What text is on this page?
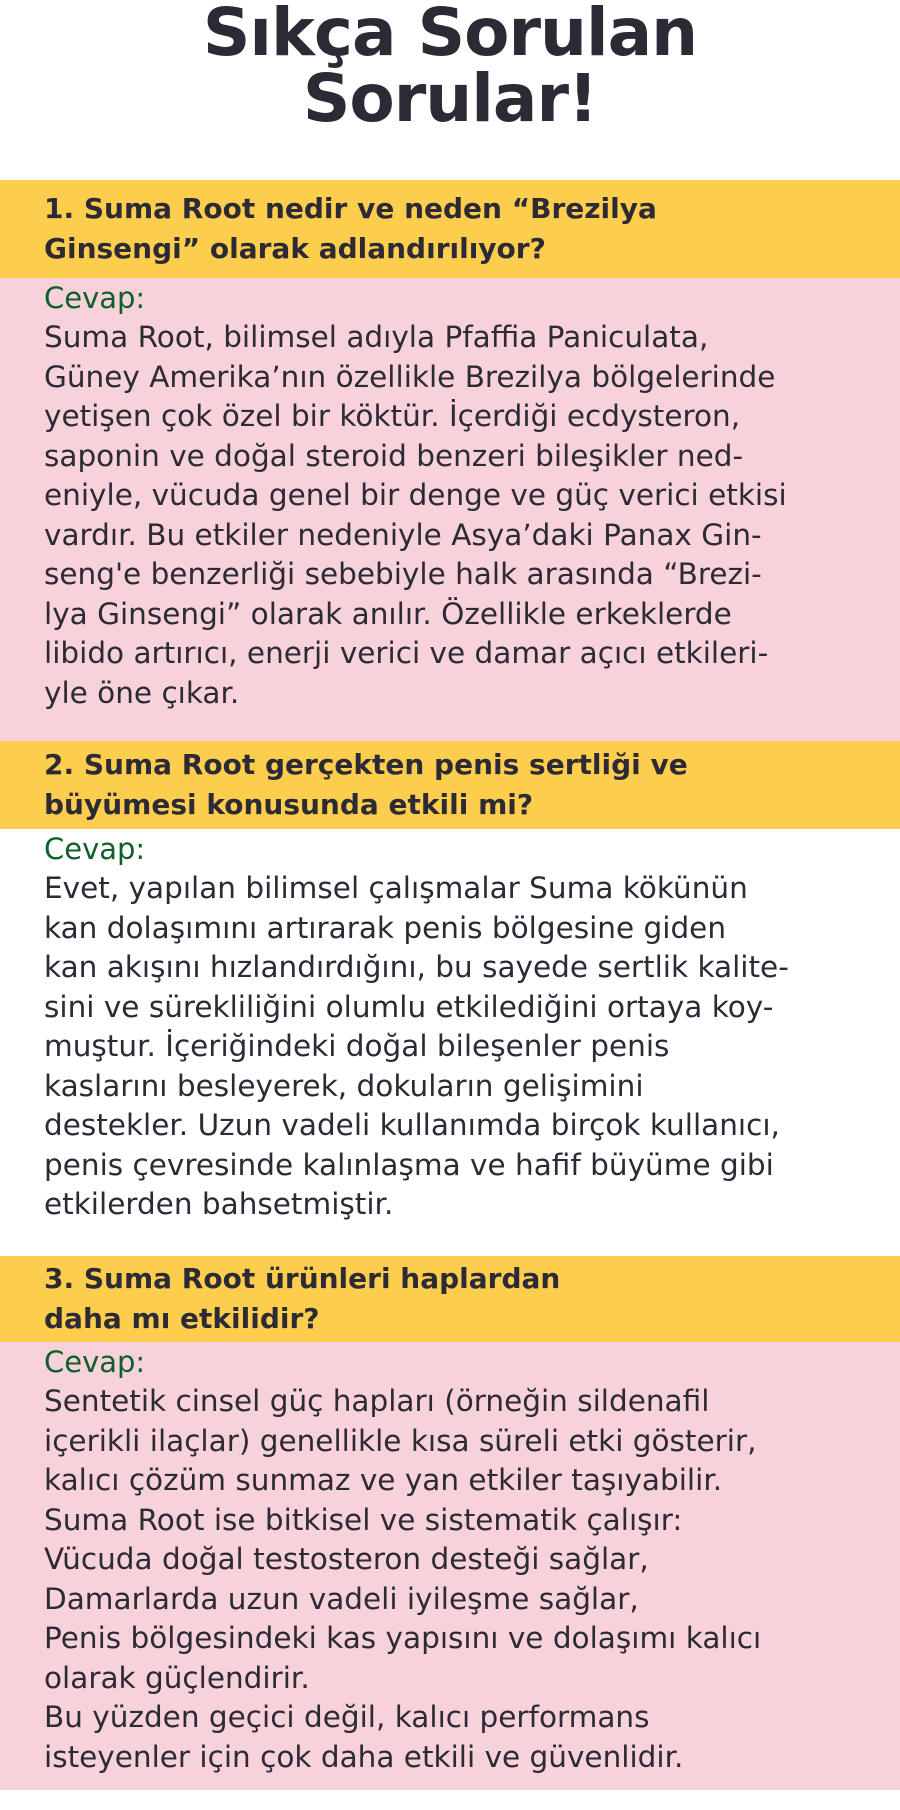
Sıkça Sorulan
Sorular!

1. Suma Root nedir ve neden “Brezilya
Ginsengi” olarak adlandırılıyor?

Cevap:

Suma Root, bilimsel adıyla Pfaffia Paniculata,
Güney Amerika’nın özellikle Brezilya bölgelerinde
yetişen çok özel bir köktür. İçerdiği ecdysteron,
saponin ve doğal steroid benzeri bileşikler ned-
eniyle, vücuda genel bir denge ve güç verici etkisi
vardır. Bu etkiler nedeniyle Asya’daki Panax Gin-
seng'e benzerliği sebebiyle halk arasında “Brezi-
lya Ginsengi” olarak anılır. Özellikle erkeklerde
libido artırıcı, enerji verici ve damar açıcı etkileri-
yle öne çıkar.

2. Suma Root gerçekten penis sertliği ve
büyümesi konusunda etkili mi?

Cevap:

Evet, yapılan bilimsel çalışmalar Suma kökünün
kan dolaşımını artırarak penis bölgesine giden
kan akışını hızlandırdığını, bu sayede sertlik kalite-
sini ve sürekliliğini olumlu etkilediğini ortaya koy-
muştur. İçeriğindeki doğal bileşenler penis
kaslarını besleyerek, dokuların gelişimini
destekler. Uzun vadeli kullanımda birçok kullanıcı,
penis çevresinde kalınlaşma ve hafif büyüme gibi
etkilerden bahsetmiştir.

3. Suma Root ürünleri haplardan
daha mı etkilidir?

Cevap:

Sentetik cinsel güç hapları (örneğin sildenafil
içerikli ilaçlar) genellikle kısa süreli etki gösterir,
kalıcı çözüm sunmaz ve yan etkiler taşıyabilir.
Suma Root ise bitkisel ve sistematik çalışır:
Vücuda doğal testosteron desteği sağlar,
Damarlarda uzun vadeli iyileşme sağlar,
Penis bölgesindeki kas yapısını ve dolaşımı kalıcı
olarak güçlendirir.
Bu yüzden geçici değil, kalıcı performans
isteyenler için çok daha etkili ve güvenlidir.
